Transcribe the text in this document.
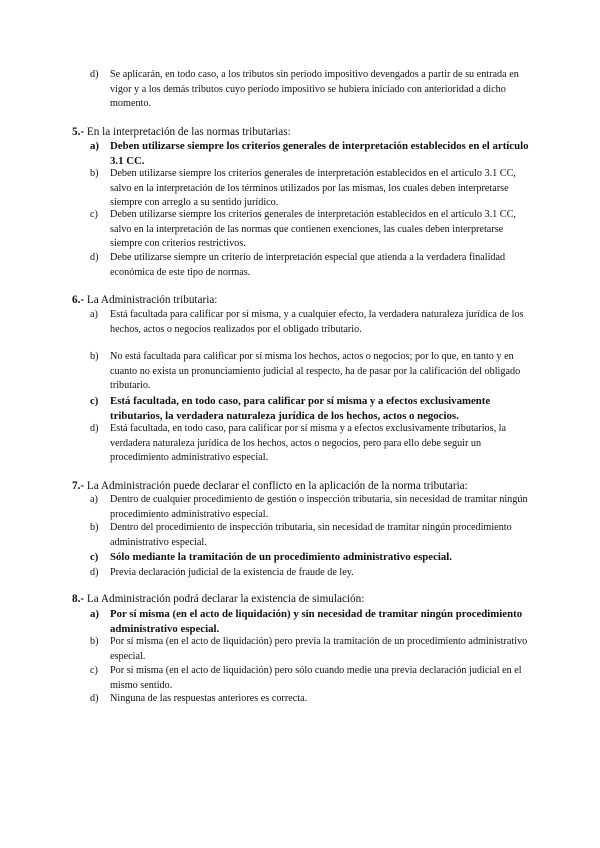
d)	Se aplicarán, en todo caso, a los tributos sin período impositivo devengados a partir de su entrada en vigor y a los demás tributos cuyo período impositivo se hubiera iniciado con anterioridad a dicho momento.
5.- En la interpretación de las normas tributarias:
a)	Deben utilizarse siempre los criterios generales de interpretación establecidos en el artículo 3.1 CC.
b)	Deben utilizarse siempre los criterios generales de interpretación establecidos en el artículo 3.1 CC, salvo en la interpretación de los términos utilizados por las mismas, los cuales deben interpretarse siempre con arreglo a su sentido jurídico.
c)	Deben utilizarse siempre los criterios generales de interpretación establecidos en el artículo 3.1 CC, salvo en la interpretación de las normas que contienen exenciones, las cuales deben interpretarse siempre con criterios restrictivos.
d)	Debe utilizarse siempre un criterio de interpretación especial que atienda a la verdadera finalidad económica de este tipo de normas.
6.- La Administración tributaria:
a)	Está facultada para calificar por sí misma, y a cualquier efecto, la verdadera naturaleza jurídica de los hechos, actos o negocios realizados por el obligado tributario.
b)	No está facultada para calificar por sí misma los hechos, actos o negocios; por lo que, en tanto y en cuanto no exista un pronunciamiento judicial al respecto, ha de pasar por la calificación del obligado tributario.
c)	Está facultada, en todo caso, para calificar por sí misma y a efectos exclusivamente tributarios, la verdadera naturaleza jurídica de los hechos, actos o negocios.
d)	Está facultada, en todo caso, para calificar por sí misma y a efectos exclusivamente tributarios, la verdadera naturaleza jurídica de los hechos, actos o negocios, pero para ello debe seguir un procedimiento administrativo especial.
7.- La Administración puede declarar el conflicto en la aplicación de la norma tributaria:
a)	Dentro de cualquier procedimiento de gestión o inspección tributaria, sin necesidad de tramitar ningún procedimiento administrativo especial.
b)	Dentro del procedimiento de inspección tributaria, sin necesidad de tramitar ningún procedimiento administrativo especial.
c)	Sólo mediante la tramitación de un procedimiento administrativo especial.
d)	Previa declaración judicial de la existencia de fraude de ley.
8.- La Administración podrá declarar la existencia de simulación:
a)	Por sí misma (en el acto de liquidación) y sin necesidad de tramitar ningún procedimiento administrativo especial.
b)	Por sí misma (en el acto de liquidación) pero previa la tramitación de un procedimiento administrativo especial.
c)	Por sí misma (en el acto de liquidación) pero sólo cuando medie una previa declaración judicial en el mismo sentido.
d)	Ninguna de las respuestas anteriores es correcta.
